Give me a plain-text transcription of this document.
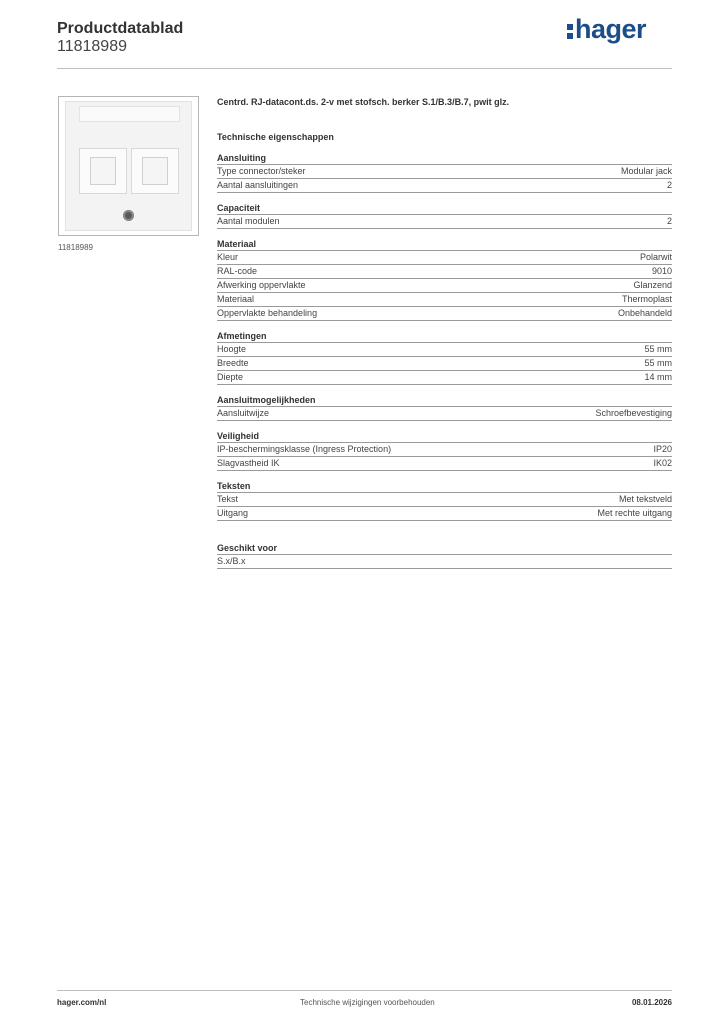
Productdatablad
11818989
hager
11818989
Centrd. RJ-datacont.ds. 2-v met stofsch. berker S.1/B.3/B.7, pwit glz.
Technische eigenschappen
Aansluiting
Type connector/steker	Modular jack
Aantal aansluitingen	2
Capaciteit
Aantal modulen	2
Materiaal
Kleur	Polarwit
RAL-code	9010
Afwerking oppervlakte	Glanzend
Materiaal	Thermoplast
Oppervlakte behandeling	Onbehandeld
Afmetingen
Hoogte	55 mm
Breedte	55 mm
Diepte	14 mm
Aansluitmogelijkheden
Aansluitwijze	Schroefbevestiging
Veiligheid
IP-beschermingsklasse (Ingress Protection)	IP20
Slagvastheid IK	IK02
Teksten
Tekst	Met tekstveld
Uitgang	Met rechte uitgang
Geschikt voor
S.x/B.x
hager.com/nl	Technische wijzigingen voorbehouden	08.01.2026
